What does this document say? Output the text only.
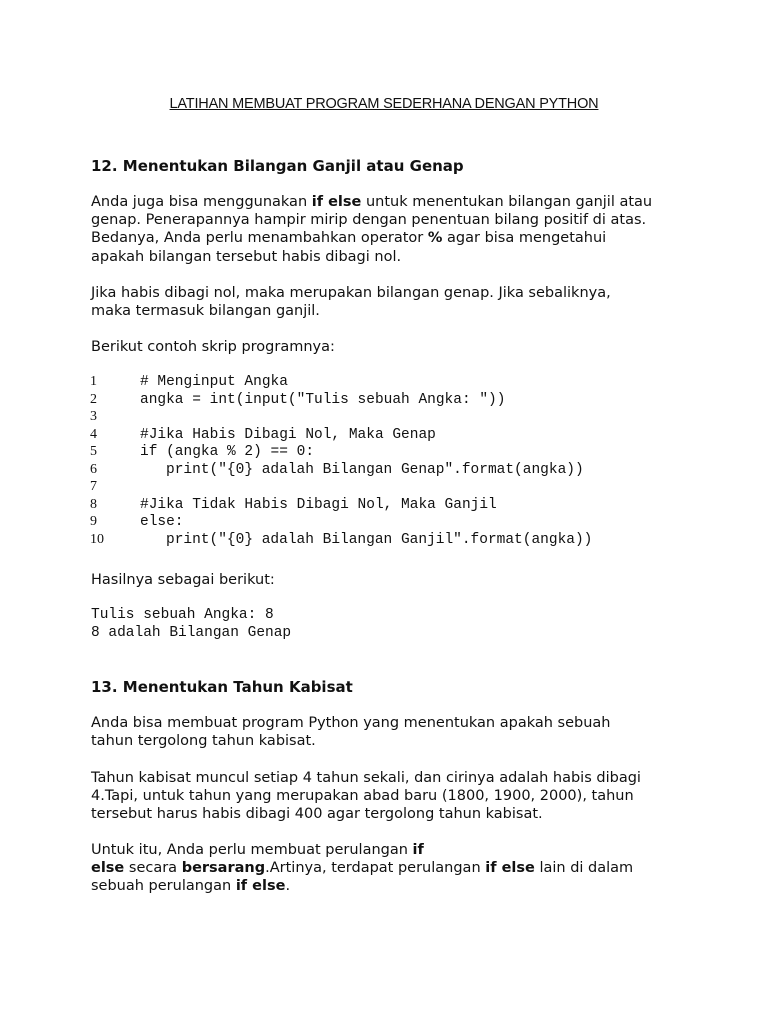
LATIHAN MEMBUAT PROGRAM SEDERHANA DENGAN PYTHON
12. Menentukan Bilangan Ganjil atau Genap
Anda juga bisa menggunakan if else untuk menentukan bilangan ganjil atau
genap. Penerapannya hampir mirip dengan penentuan bilang positif di atas.
Bedanya, Anda perlu menambahkan operator % agar bisa mengetahui
apakah bilangan tersebut habis dibagi nol.
Jika habis dibagi nol, maka merupakan bilangan genap. Jika sebaliknya,
maka termasuk bilangan ganjil.
Berikut contoh skrip programnya:
1	# Menginput Angka
2	angka = int(input("Tulis sebuah Angka: "))
3
4	#Jika Habis Dibagi Nol, Maka Genap
5	if (angka % 2) == 0:
6	print("{0} adalah Bilangan Genap".format(angka))
7
8	#Jika Tidak Habis Dibagi Nol, Maka Ganjil
9	else:
10	print("{0} adalah Bilangan Ganjil".format(angka))
Hasilnya sebagai berikut:
Tulis sebuah Angka: 8
8 adalah Bilangan Genap
13. Menentukan Tahun Kabisat
Anda bisa membuat program Python yang menentukan apakah sebuah
tahun tergolong tahun kabisat.
Tahun kabisat muncul setiap 4 tahun sekali, dan cirinya adalah habis dibagi
4.Tapi, untuk tahun yang merupakan abad baru (1800, 1900, 2000), tahun
tersebut harus habis dibagi 400 agar tergolong tahun kabisat.
Untuk itu, Anda perlu membuat perulangan if
else secara bersarang.Artinya, terdapat perulangan if else lain di dalam
sebuah perulangan if else.
